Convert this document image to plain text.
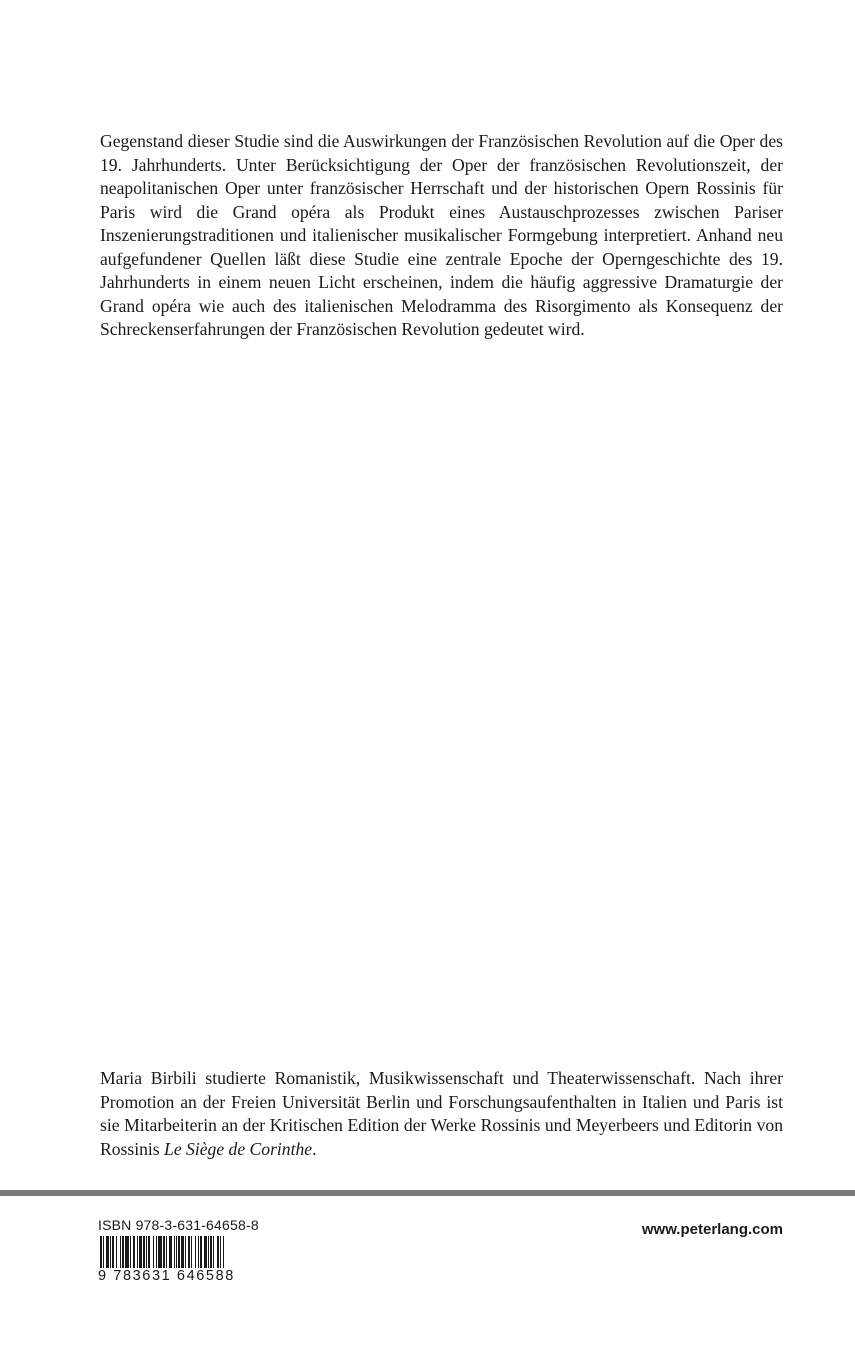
Gegenstand dieser Studie sind die Auswirkungen der Französischen Revolution auf die Oper des 19. Jahrhunderts. Unter Berücksichtigung der Oper der französischen Revolutionszeit, der neapolitanischen Oper unter französischer Herrschaft und der historischen Opern Rossinis für Paris wird die Grand opéra als Produkt eines Austauschprozesses zwischen Pariser Inszenierungstraditionen und italienischer musikalischer Formgebung interpretiert. Anhand neu aufgefundener Quellen läßt diese Studie eine zentrale Epoche der Operngeschichte des 19. Jahrhunderts in einem neuen Licht erscheinen, indem die häufig aggressive Dramaturgie der Grand opéra wie auch des italienischen Melodramma des Risorgimento als Konsequenz der Schreckenserfahrungen der Französischen Revolution gedeutet wird.

Maria Birbili studierte Romanistik, Musikwissenschaft und Theaterwissenschaft. Nach ihrer Promotion an der Freien Universität Berlin und Forschungsaufenthalten in Italien und Paris ist sie Mitarbeiterin an der Kritischen Edition der Werke Rossinis und Meyerbeers und Editorin von Rossinis Le Siège de Corinthe.

ISBN 978-3-631-64658-8

9 783631 646588

www.peterlang.com
